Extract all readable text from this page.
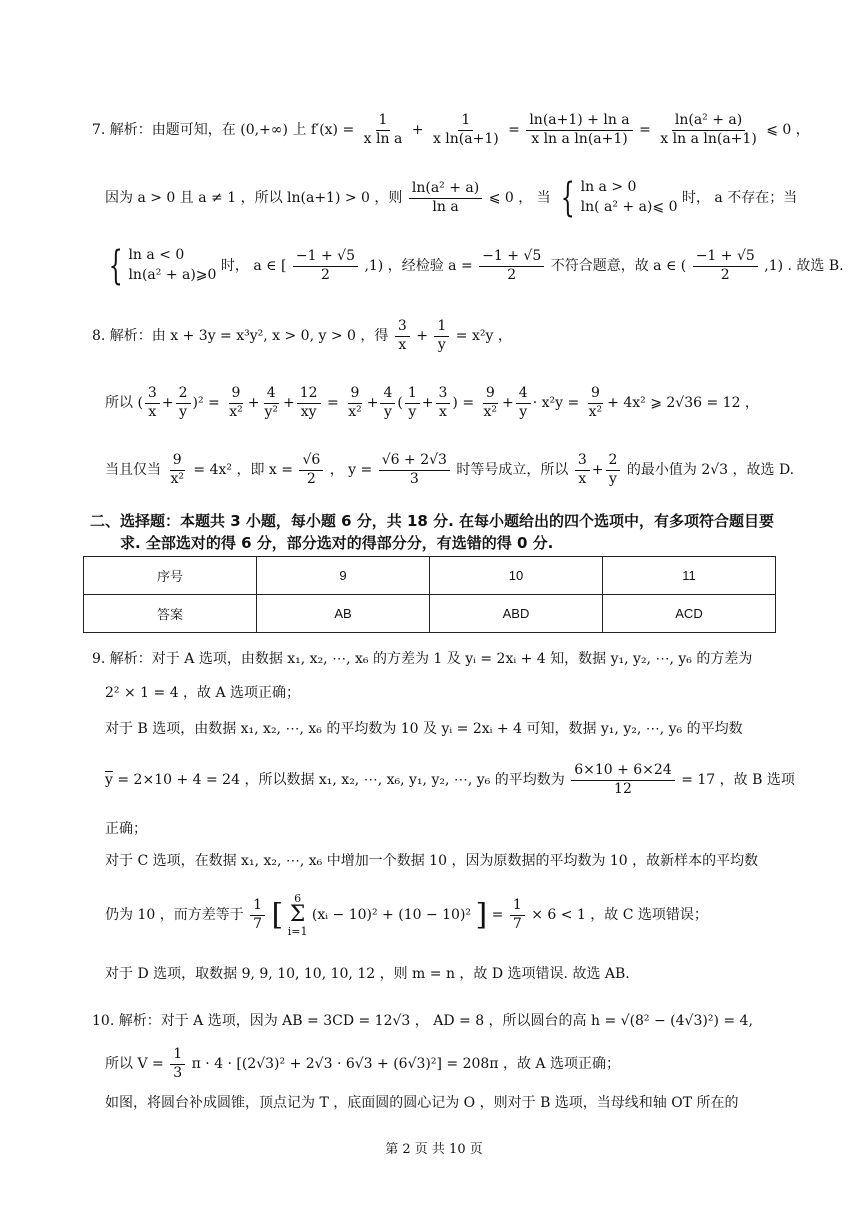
7. 解析：由题可知，在 (0,+∞) 上 $f'(x) = \frac{1}{\text{x ln a}} + \frac{1}{\text{x ln(a+1)}} = \frac{\text{ln(a+1) + ln a}}{\text{x ln a ln(a+1)}} = \frac{\text{ln(a² + a)}}{\text{x ln a ln(a+1)}}$ ⩽ 0 ，
因为 a > 0 且 a ≠ 1 ，所以 ln(a+1) > 0 ，则 $\frac{\text{ln(a² + a)}}{\text{ln a}}$ ⩽ 0 ， 当 { ln a > 0
ln( a² + a)⩽ 0
时， a 不存在；当
{ ln a < 0
ln(a² + a)⩾0
时， a ∈ [ $\frac{-1 + √5}{2} ,1$) ，经检验 $a = \frac{-1 + √5}{2}$ 不符合题意，故 a ∈ ( $\frac{-1 + √5}{2} ,1$) . 故选 B.
8. 解析：由 x + 3y = x³y², x > 0, y > 0 ，得 $\frac{3}{x} + \frac{1}{y} = x^2y$ ，
所以 ( $\frac{3}{x} + \frac{2}{y} )^2 = \frac{9}{\text{x²}} + \frac{4}{\text{y²}} + \frac{12}{xy} = \frac{9}{\text{x²}} + \frac{4}{y}$ ( $\frac{1}{y} + \frac{3}{x}$ ) = $\frac{9}{\text{x²}} + \frac{4}{y} \cdot x^2y = \frac{9}{\text{x²}} + 4x^2$ ⩾ 2√36 = 12 ，
当且仅当 $\frac{9}{\text{x²}} = 4x^2$ ，即 $x = \frac{√6}{2}$ ， $y = \frac{√6 + 2√3}{3}$ 时等号成立，所以 $\frac{3}{x} + \frac{2}{y}$ 的最小值为 2√3 ，故选 D.
二、选择题：本题共 3 小题，每小题 6 分，共 18 分. 在每小题给出的四个选项中，有多项符合题目要
求. 全部选对的得 6 分，部分选对的得部分分，有选错的得 0 分.
序号	9	10	11
答案	AB	ABD	ACD
9. 解析：对于 A 选项，由数据 x₁, x₂, ⋯, x₆ 的方差为 1 及 yᵢ = 2xᵢ + 4 知，数据 y₁, y₂, ⋯, y₆ 的方差为
2² × 1 = 4 ，故 A 选项正确；
对于 B 选项，由数据 x₁, x₂, ⋯, x₆ 的平均数为 10 及 yᵢ = 2xᵢ + 4 可知，数据 y₁, y₂, ⋯, y₆ 的平均数
$\overline{y} = 2\times 10 + 4 = 24$ ，所以数据 x₁, x₂, ⋯, x₆, y₁, y₂, ⋯, y₆ 的平均数为 $\frac{6\times 10 + 6\times 24}{12} = 17$ ，故 B 选项
正确；
对于 C 选项，在数据 x₁, x₂, ⋯, x₆ 中增加一个数据 10 ，因为原数据的平均数为 10 ，故新样本的平均数
仍为 10 ，而方差等于 $\frac{1}{7}$ [ 6
Σ
i=1
(xᵢ − 10)² + (10 − 10)² ] = $\frac{1}{7} \times 6 < 1$ ，故 C 选项错误；
对于 D 选项，取数据 9, 9, 10, 10, 10, 12 ，则 m = n ，故 D 选项错误. 故选 AB.
10. 解析：对于 A 选项，因为 AB = 3CD = 12√3 ， AD = 8 ，所以圆台的高 h = √(8² − (4√3)²) = 4,
所以 $V = \frac{1}{3}$ π · 4 · [(2√3)² + 2√3 · 6√3 + (6√3)²] = 208π ，故 A 选项正确；
如图，将圆台补成圆锥，顶点记为 T ，底面圆的圆心记为 O ，则对于 B 选项，当母线和轴 OT 所在的
第 2 页 共 10 页
